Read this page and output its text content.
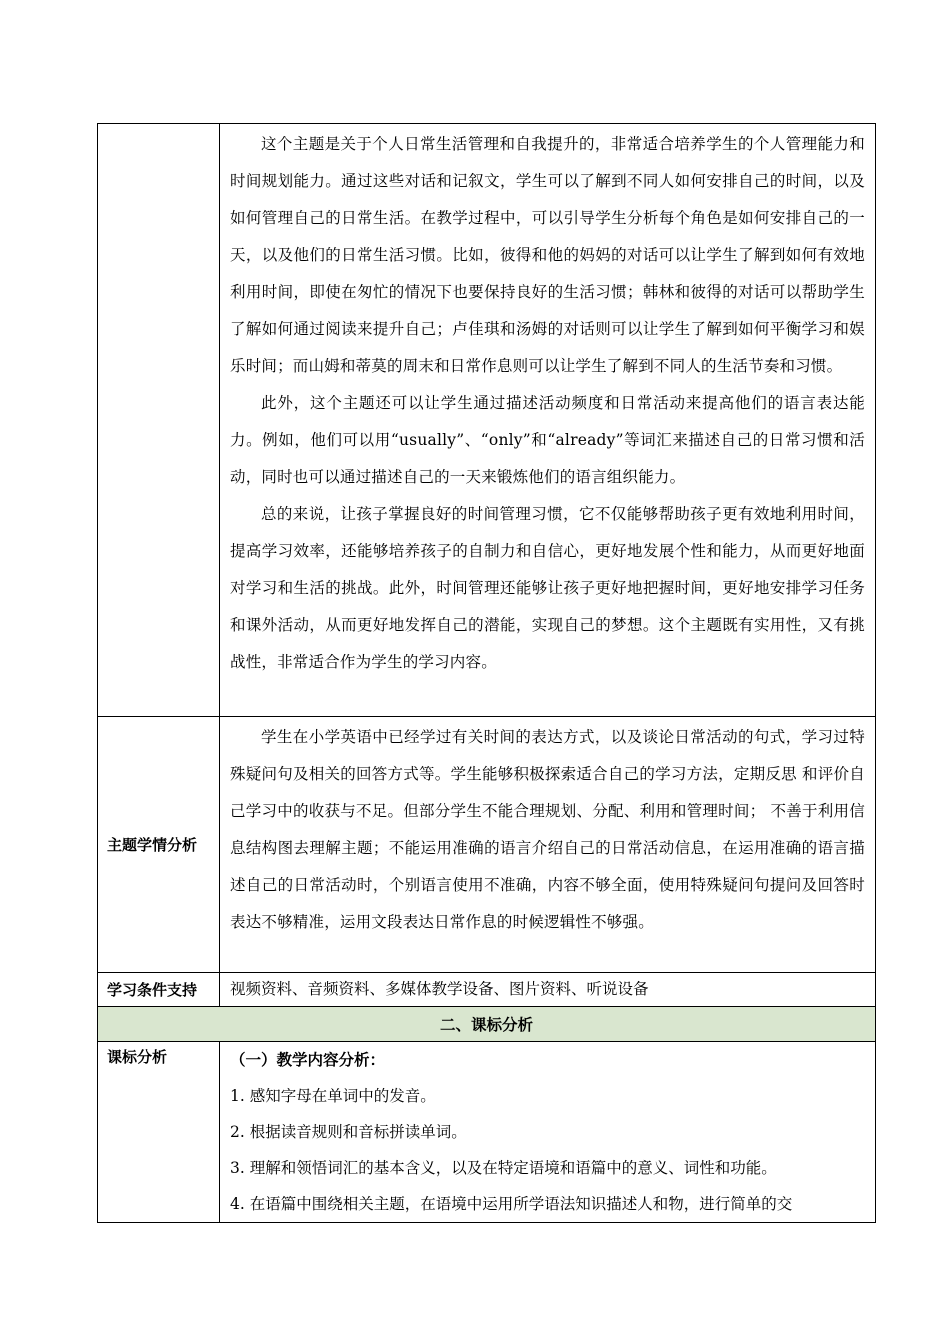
	这个主题是关于个人日常生活管理和自我提升的，非常适合培养学生的个人管理能力和时间规划能力。通过这些对话和记叙文，学生可以了解到不同人如何安排自己的时间，以及如何管理自己的日常生活。在教学过程中，可以引导学生分析每个角色是如何安排自己的一天，以及他们的日常生活习惯。比如，彼得和他的妈妈的对话可以让学生了解到如何有效地利用时间，即使在匆忙的情况下也要保持良好的生活习惯；韩林和彼得的对话可以帮助学生了解如何通过阅读来提升自己；卢佳琪和汤姆的对话则可以让学生了解到如何平衡学习和娱乐时间；而山姆和蒂莫的周末和日常作息则可以让学生了解到不同人的生活节奏和习惯。

此外，这个主题还可以让学生通过描述活动频度和日常活动来提高他们的语言表达能力。例如，他们可以用“usually”、“only”和“already”等词汇来描述自己的日常习惯和活动，同时也可以通过描述自己的一天来锻炼他们的语言组织能力。

总的来说，让孩子掌握良好的时间管理习惯，它不仅能够帮助孩子更有效地利用时间，提高学习效率，还能够培养孩子的自制力和自信心，更好地发展个性和能力，从而更好地面对学习和生活的挑战。此外，时间管理还能够让孩子更好地把握时间，更好地安排学习任务和课外活动，从而更好地发挥自己的潜能，实现自己的梦想。这个主题既有实用性，又有挑战性，非常适合作为学生的学习内容。

主题学情分析	学生在小学英语中已经学过有关时间的表达方式，以及谈论日常活动的句式，学习过特殊疑问句及相关的回答方式等。学生能够积极探索适合自己的学习方法，定期反思 和评价自己学习中的收获与不足。但部分学生不能合理规划、分配、利用和管理时间； 不善于利用信息结构图去理解主题；不能运用准确的语言介绍自己的日常活动信息，在运用准确的语言描述自己的日常活动时，个别语言使用不准确，内容不够全面，使用特殊疑问句提问及回答时表达不够精准，运用文段表达日常作息的时候逻辑性不够强。

学习条件支持	视频资料、音频资料、多媒体教学设备、图片资料、听说设备

二、课标分析	
课标分析	（一）教学内容分析：

1. 感知字母在单词中的发音。

2. 根据读音规则和音标拼读单词。

3. 理解和领悟词汇的基本含义，以及在特定语境和语篇中的意义、词性和功能。

4. 在语篇中围绕相关主题，在语境中运用所学语法知识描述人和物，进行简单的交
